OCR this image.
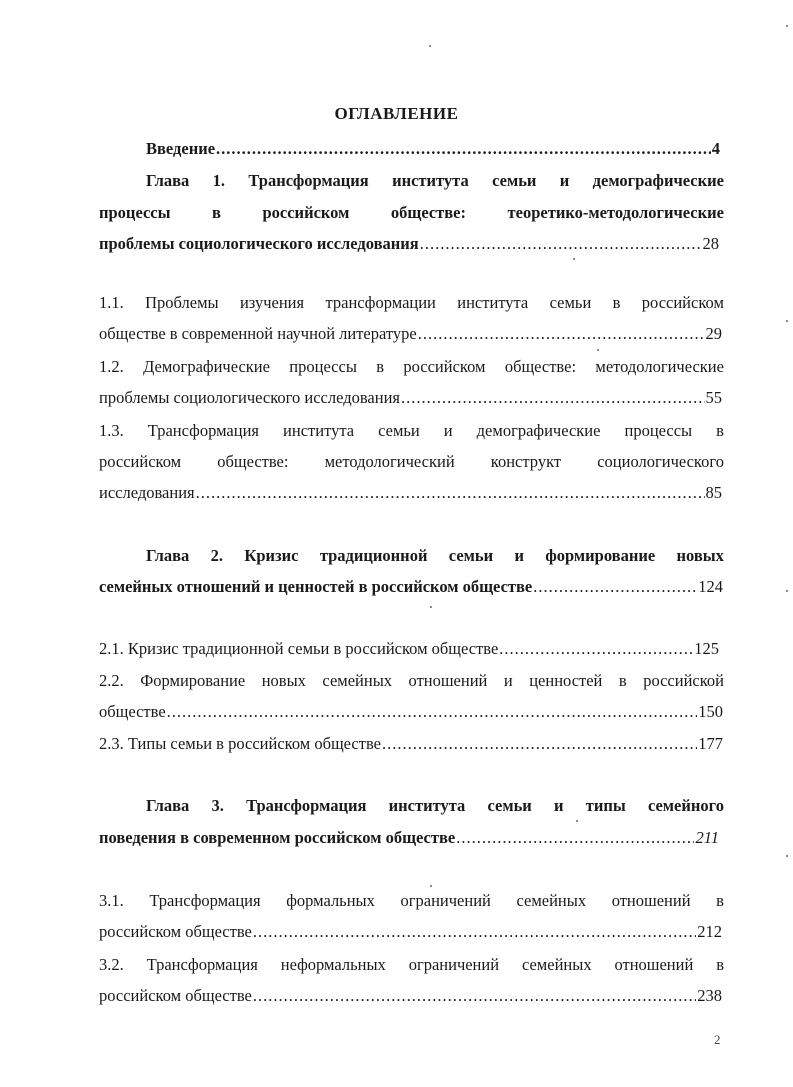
ОГЛАВЛЕНИЕ
Введение .....	4
Глава 1. Трансформация института семьи и демографические
процессы	в	российском	обществе:	теоретико-методологические
проблемы социологического исследования .....	28
1.1. Проблемы изучения трансформации института семьи в российском
обществе в современной научной литературе .....	29
1.2. Демографические процессы в российском обществе: методологические
проблемы социологического исследования .....	55
1.3. Трансформация института семьи и демографические процессы в
российском обществе: методологический конструкт социологического
исследования .....	85
Глава 2. Кризис традиционной семьи и формирование новых
семейных отношений и ценностей в российском обществе .....	124
2.1. Кризис традиционной семьи в российском обществе .....	125
2.2. Формирование новых семейных отношений и ценностей в российской
обществе .....	150
2.3. Типы семьи в российском обществе .....	177
Глава 3. Трансформация института семьи и типы семейного
поведения в современном российском обществе .....	211
3.1. Трансформация формальных ограничений семейных отношений в
российском обществе .....	212
3.2. Трансформация неформальных ограничений семейных отношений в
российском обществе .....	238
2
